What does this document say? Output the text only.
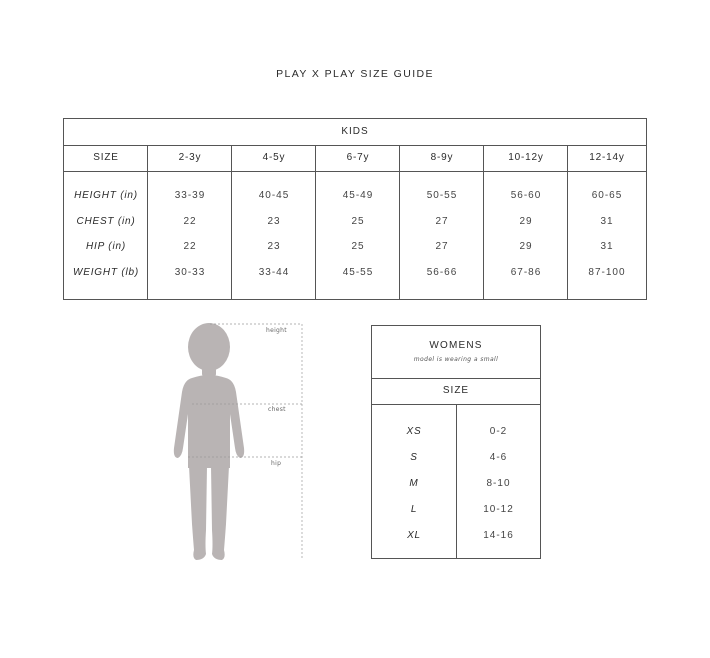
PLAY X PLAY SIZE GUIDE
KIDS
SIZE	2-3y	4-5y	6-7y	8-9y	10-12y	12-14y
HEIGHT (in)	33-39	40-45	45-49	50-55	56-60	60-65
CHEST (in)	22	23	25	27	29	31
HIP (in)	22	23	25	27	29	31
WEIGHT (lb)	30-33	33-44	45-55	56-66	67-86	87-100
height
chest
hip
WOMENS
model is wearing a small
SIZE
XS	0-2
S	4-6
M	8-10
L	10-12
XL	14-16
